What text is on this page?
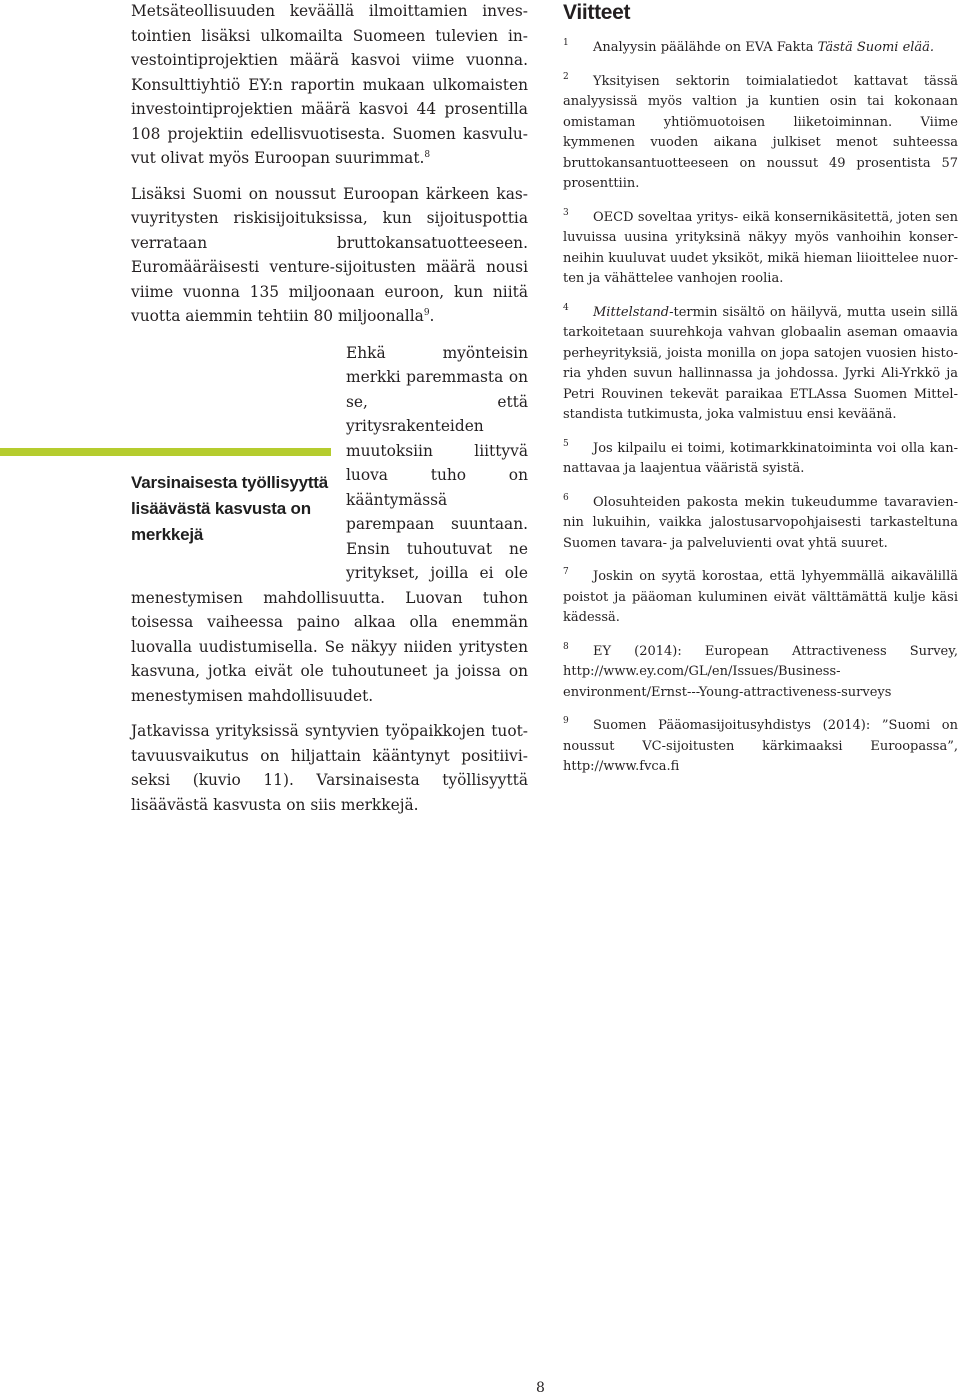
Metsäteollisuuden keväällä ilmoittamien investointien lisäksi ulkomailta Suomeen tulevien investointiprojektien määrä kasvoi viime vuonna. Konsulttiyhtiö EY:n raportin mukaan ulkomaisten investointiprojektien määrä kasvoi 44 prosentilla 108 projektiin edellisvuotisesta. Suomen kasvuluvut olivat myös Euroopan suurimmat.$^8$

Lisäksi Suomi on noussut Euroopan kärkeen kasvuyritysten riskisijoituksissa, kun sijoituspottia verrataan bruttokansatuotteeseen. Euromääräisesti venture-sijoitusten määrä nousi viime vuonna 135 miljoonaan euroon, kun niitä vuotta aiemmin tehtiin 80 miljoonalla$^9$.

Ehkä myönteisin merkki paremmasta on se, että yritysrakenteiden muutoksiin liittyvä luova tuho on kääntymässä parempaan suuntaan. Ensin tuhoutuvat ne yritykset, joilla ei ole menestymisen mahdollisuutta. Luovan tuhon toisessa vaiheessa paino alkaa olla enemmän luovalla uudistumisella. Se näkyy niiden yritysten kasvuna, jotka eivät ole tuhoutuneet ja joissa on menestymisen mahdollisuudet.

Jatkavissa yrityksissä syntyvien työpaikkojen tuottavuusvaikutus on hiljattain kääntynyt positiiviseksi (kuvio 11). Varsinaisesta työllisyyttä lisäävästä kasvusta on siis merkkejä.

Varsinaisesta työllisyyttä lisäävästä kasvusta on merkkejä
Viitteet

1 Analyysin päälähde on EVA Fakta Tästä Suomi elää.

2 Yksityisen sektorin toimialatiedot kattavat tässä analyysissä myös valtion ja kuntien osin tai kokonaan omistaman yhtiömuotoisen liiketoiminnan. Viime kymmenen vuoden aikana julkiset menot suhteessa bruttokansantuotteeseen on noussut 49 prosentista 57 prosenttiin.

3 OECD soveltaa yritys- eikä konsernikäsitettä, joten sen luvuissa uusina yrityksinä näkyy myös vanhoihin konserneihin kuuluvat uudet yksiköt, mikä hieman liioittelee nuorten ja vähättelee vanhojen roolia.

4 Mittelstand-termin sisältö on häilyvä, mutta usein sillä tarkoitetaan suurehkoja vahvan globaalin aseman omaavia perheyrityksiä, joista monilla on jopa satojen vuosien historia yhden suvun hallinnassa ja johdossa. Jyrki Ali-Yrkkö ja Petri Rouvinen tekevät paraikaa ETLAssa Suomen Mittelstandista tutkimusta, joka valmistuu ensi keväänä.

5 Jos kilpailu ei toimi, kotimarkkinatoiminta voi olla kannattavaa ja laajentua vääristä syistä.

6 Olosuhteiden pakosta mekin tukeudumme tavaraviennin lukuihin, vaikka jalostusarvopohjaisesti tarkasteltuna Suomen tavara- ja palveluvienti ovat yhtä suuret.

7 Joskin on syytä korostaa, että lyhyemmällä aikavälillä poistot ja pääoman kuluminen eivät välttämättä kulje käsi kädessä.

8 EY (2014): European Attractiveness Survey, http://www.ey.com/GL/en/Issues/Business-environment/Ernst---Young-attractiveness-surveys

9 Suomen Pääomasijoitusyhdistys (2014): ”Suomi on noussut VC-sijoitusten kärkimaaksi Euroopassa”, http://www.fvca.fi

8
